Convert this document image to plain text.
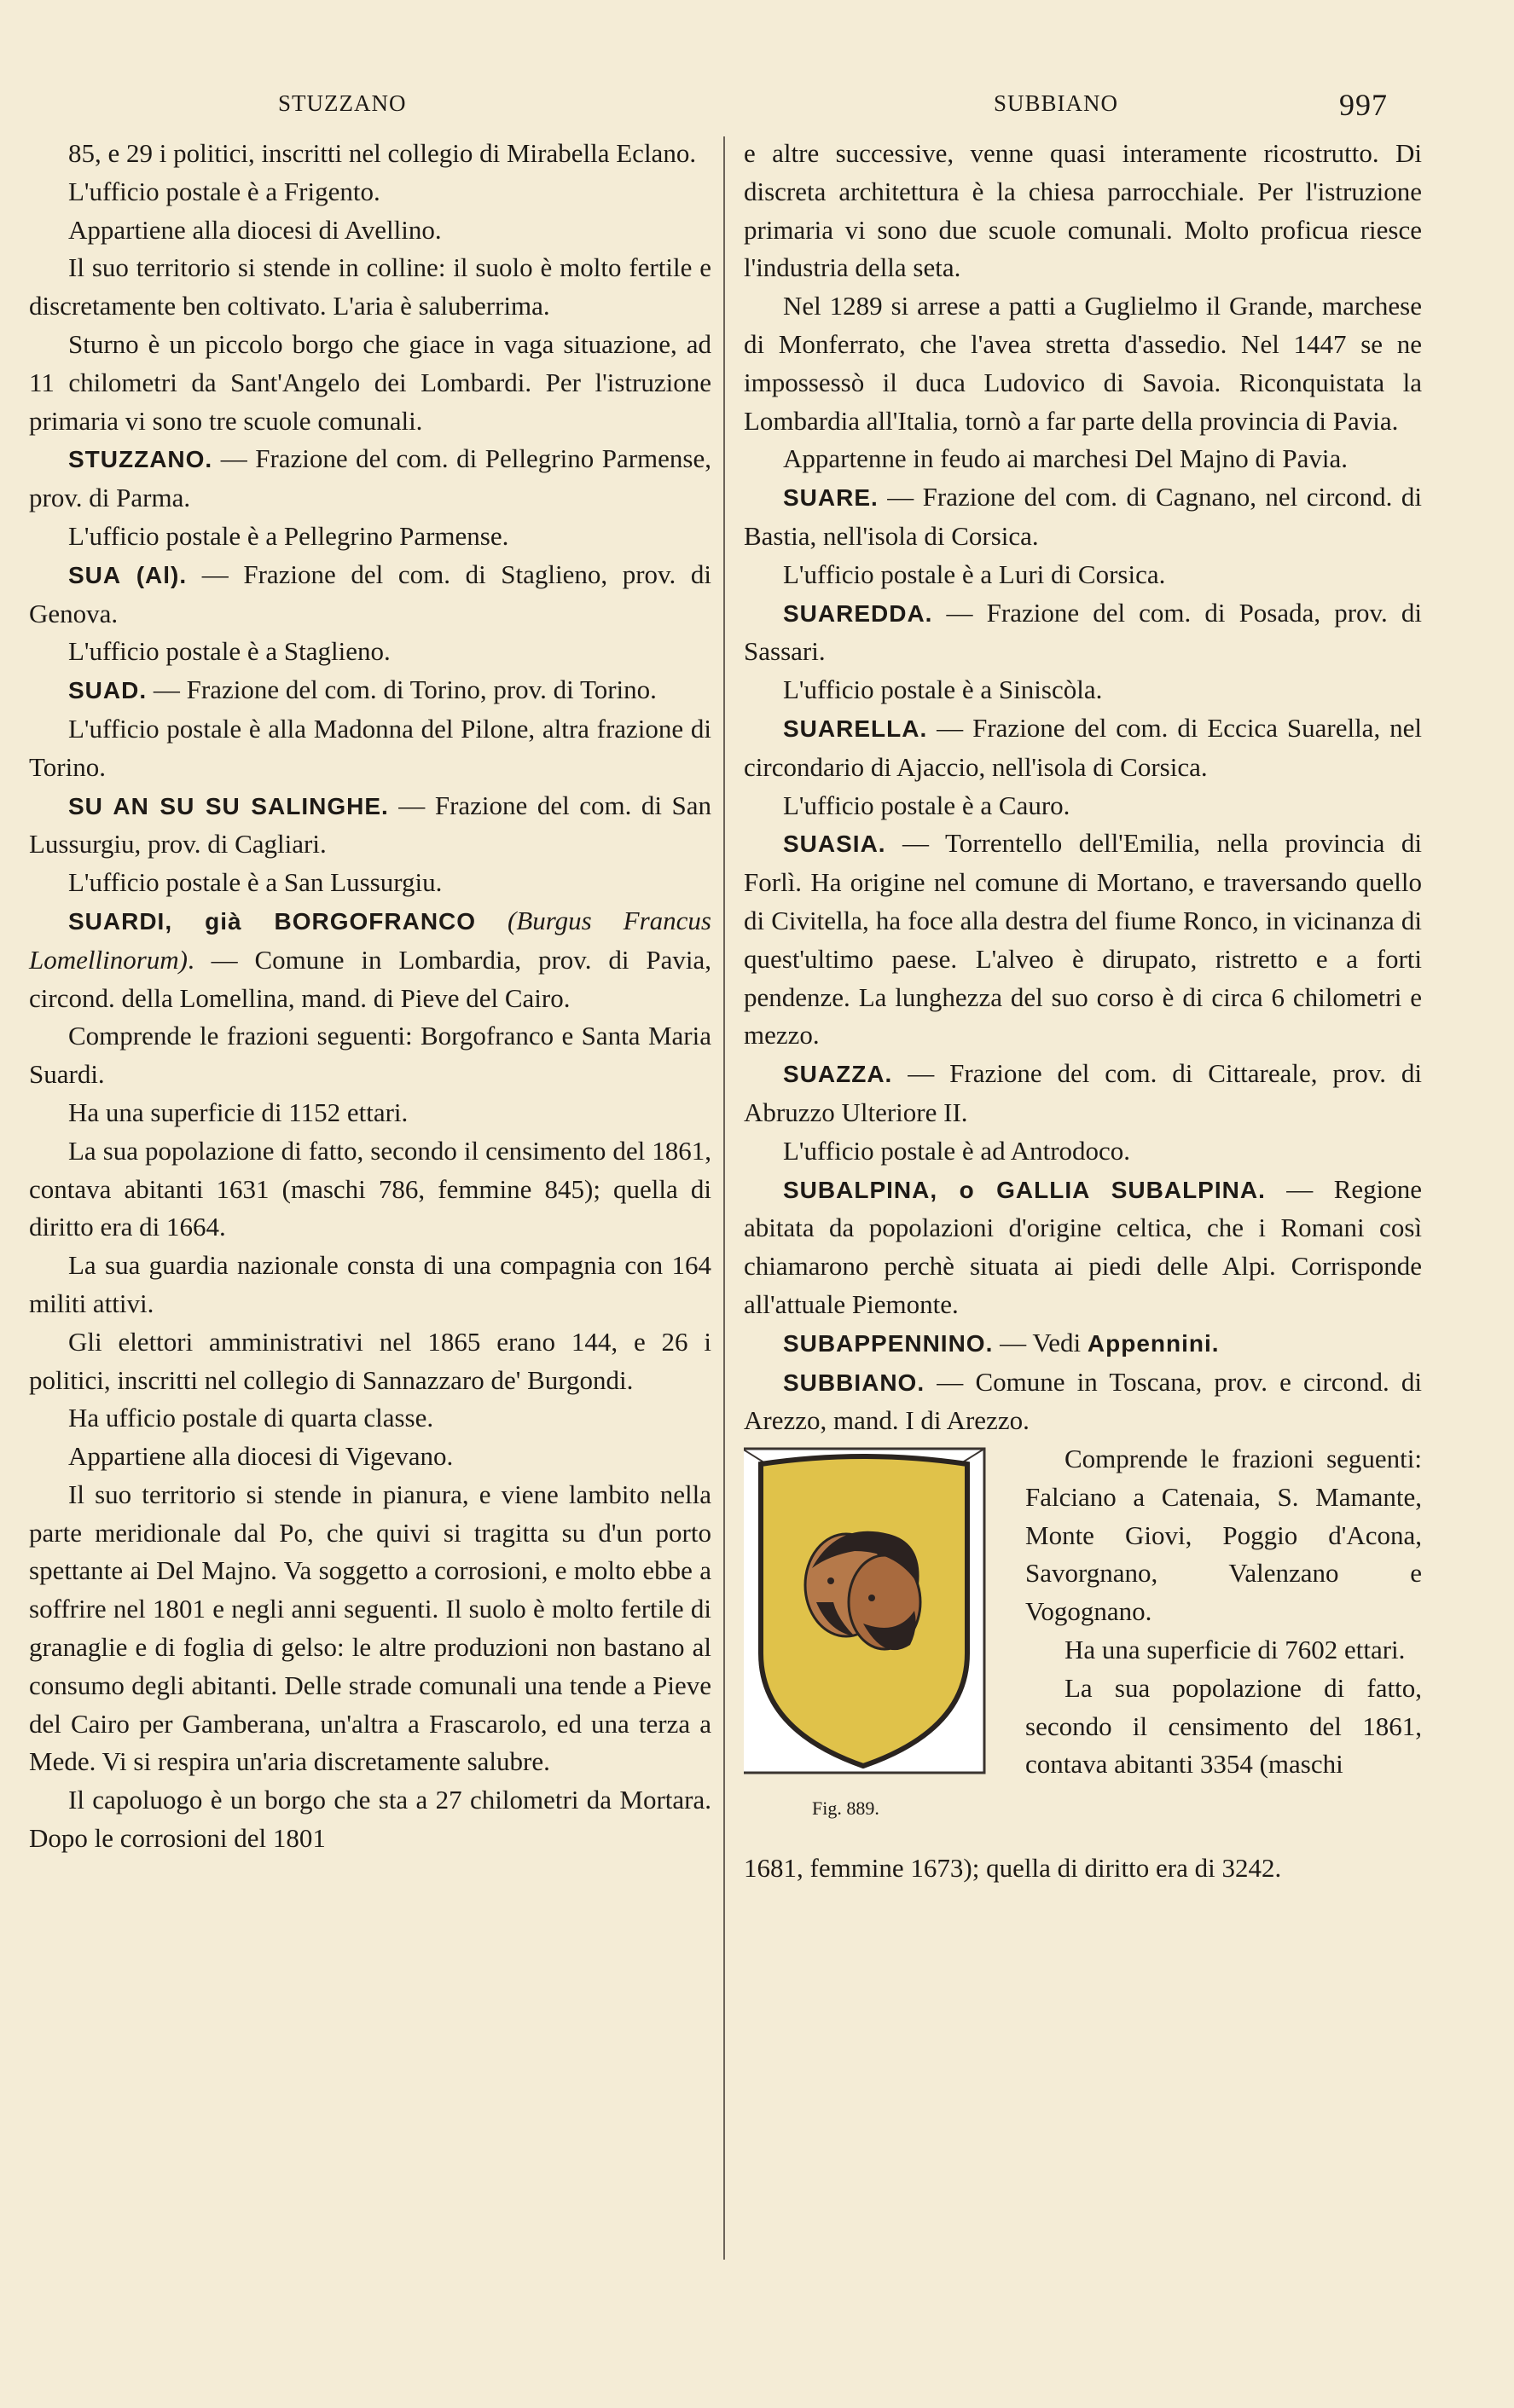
STUZZANO	SUBBIANO	997

85, e 29 i politici, inscritti nel collegio di Mirabella Eclano.

L'ufficio postale è a Frigento.

Appartiene alla diocesi di Avellino.

Il suo territorio si stende in colline: il suolo è molto fertile e discretamente ben coltivato. L'aria è saluberrima.

Sturno è un piccolo borgo che giace in vaga situazione, ad 11 chilometri da Sant'Angelo dei Lombardi. Per l'istruzione primaria vi sono tre scuole comunali.

STUZZANO. — Frazione del com. di Pellegrino Parmense, prov. di Parma.

L'ufficio postale è a Pellegrino Parmense.

SUA (Al). — Frazione del com. di Staglieno, prov. di Genova.

L'ufficio postale è a Staglieno.

SUAD. — Frazione del com. di Torino, prov. di Torino.

L'ufficio postale è alla Madonna del Pilone, altra frazione di Torino.

SU AN SU SU SALINGHE. — Frazione del com. di San Lussurgiu, prov. di Cagliari.

L'ufficio postale è a San Lussurgiu.

SUARDI, già BORGOFRANCO (Burgus Francus Lomellinorum). — Comune in Lombardia, prov. di Pavia, circond. della Lomellina, mand. di Pieve del Cairo.

Comprende le frazioni seguenti: Borgofranco e Santa Maria Suardi.

Ha una superficie di 1152 ettari.

La sua popolazione di fatto, secondo il censimento del 1861, contava abitanti 1631 (maschi 786, femmine 845); quella di diritto era di 1664.

La sua guardia nazionale consta di una compagnia con 164 militi attivi.

Gli elettori amministrativi nel 1865 erano 144, e 26 i politici, inscritti nel collegio di Sannazzaro de' Burgondi.

Ha ufficio postale di quarta classe.

Appartiene alla diocesi di Vigevano.

Il suo territorio si stende in pianura, e viene lambito nella parte meridionale dal Po, che quivi si tragitta su d'un porto spettante ai Del Majno. Va soggetto a corrosioni, e molto ebbe a soffrire nel 1801 e negli anni seguenti. Il suolo è molto fertile di granaglie e di foglia di gelso: le altre produzioni non bastano al consumo degli abitanti. Delle strade comunali una tende a Pieve del Cairo per Gamberana, un'altra a Frascarolo, ed una terza a Mede. Vi si respira un'aria discretamente salubre.

Il capoluogo è un borgo che sta a 27 chilometri da Mortara. Dopo le corrosioni del 1801

e altre successive, venne quasi interamente ricostrutto. Di discreta architettura è la chiesa parrocchiale. Per l'istruzione primaria vi sono due scuole comunali. Molto proficua riesce l'industria della seta.

Nel 1289 si arrese a patti a Guglielmo il Grande, marchese di Monferrato, che l'avea stretta d'assedio. Nel 1447 se ne impossessò il duca Ludovico di Savoia. Riconquistata la Lombardia all'Italia, tornò a far parte della provincia di Pavia.

Appartenne in feudo ai marchesi Del Majno di Pavia.

SUARE. — Frazione del com. di Cagnano, nel circond. di Bastia, nell'isola di Corsica.

L'ufficio postale è a Luri di Corsica.

SUAREDDA. — Frazione del com. di Posada, prov. di Sassari.

L'ufficio postale è a Siniscòla.

SUARELLA. — Frazione del com. di Eccica Suarella, nel circondario di Ajaccio, nell'isola di Corsica.

L'ufficio postale è a Cauro.

SUASIA. — Torrentello dell'Emilia, nella provincia di Forlì. Ha origine nel comune di Mortano, e traversando quello di Civitella, ha foce alla destra del fiume Ronco, in vicinanza di quest'ultimo paese. L'alveo è dirupato, ristretto e a forti pendenze. La lunghezza del suo corso è di circa 6 chilometri e mezzo.

SUAZZA. — Frazione del com. di Cittareale, prov. di Abruzzo Ulteriore II.

L'ufficio postale è ad Antrodoco.

SUBALPINA, o GALLIA SUBALPINA. — Regione abitata da popolazioni d'origine celtica, che i Romani così chiamarono perchè situata ai piedi delle Alpi. Corrisponde all'attuale Piemonte.

SUBAPPENNINO. — Vedi Appennini.

SUBBIANO. — Comune in Toscana, prov. e circond. di Arezzo, mand. I di Arezzo.

Fig. 889.

Comprende le frazioni seguenti: Falciano a Catenaia, S. Mamante, Monte Giovi, Poggio d'Acona, Savorgnano, Valenzano e Vogognano.

Ha una superficie di 7602 ettari.

La sua popolazione di fatto, secondo il censimento del 1861, contava abitanti 3354 (maschi

1681, femmine 1673); quella di diritto era di 3242.
